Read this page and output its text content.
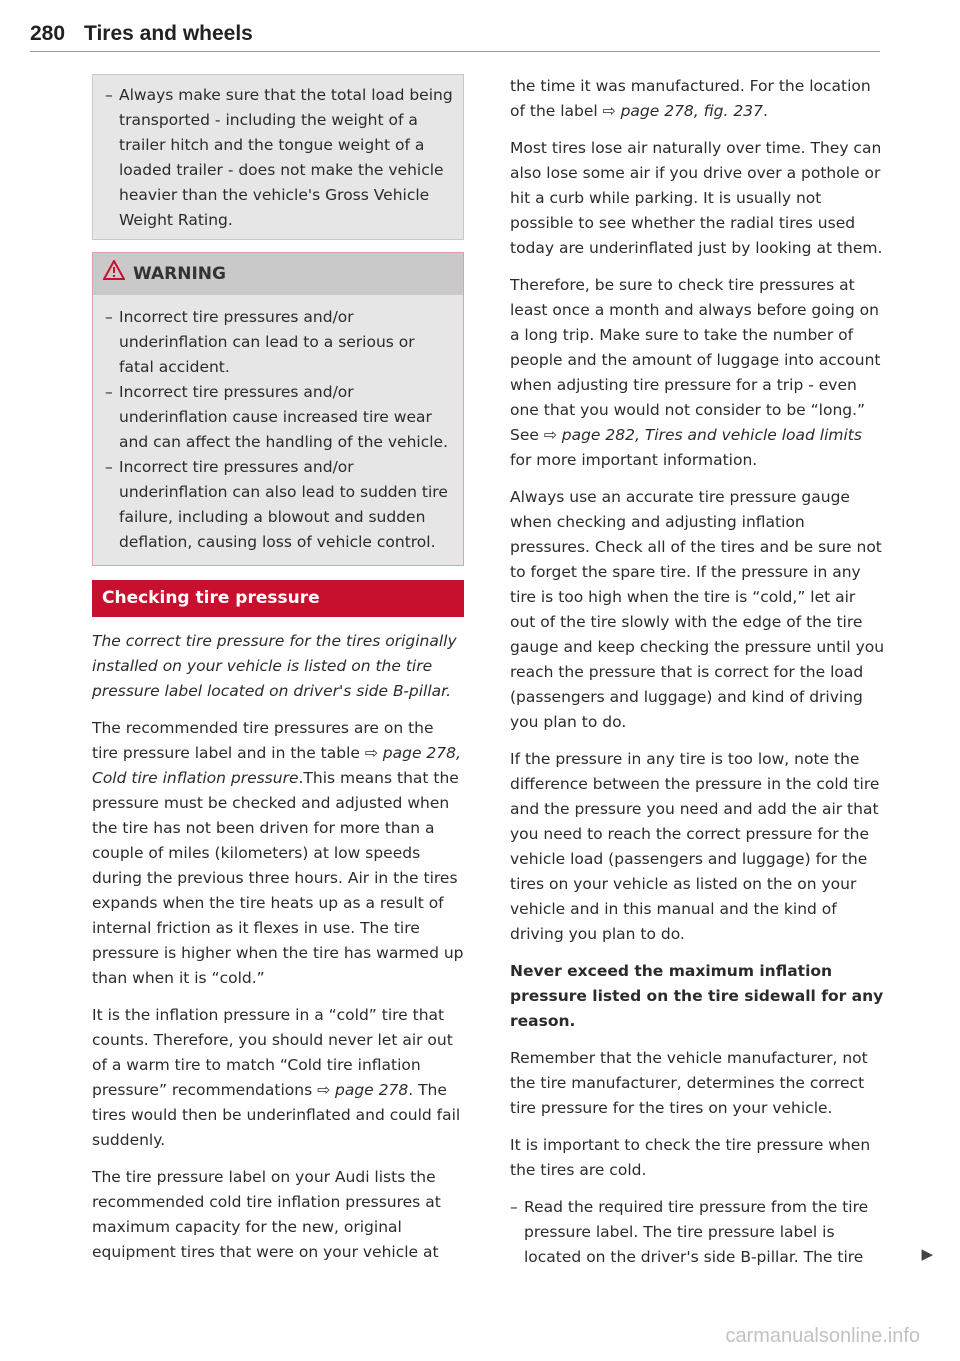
280 Tires and wheels
– Always make sure that the total load being transported - including the weight of a trailer hitch and the tongue weight of a loaded trailer - does not make the vehicle heavier than the vehicle's Gross Vehicle Weight Rating.
WARNING
– Incorrect tire pressures and/or underinflation can lead to a serious or fatal accident.
– Incorrect tire pressures and/or underinflation cause increased tire wear and can affect the handling of the vehicle.
– Incorrect tire pressures and/or underinflation can also lead to sudden tire failure, including a blowout and sudden deflation, causing loss of vehicle control.
Checking tire pressure

The correct tire pressure for the tires originally installed on your vehicle is listed on the tire pressure label located on driver's side B-pillar.

The recommended tire pressures are on the tire pressure label and in the table ⇨ page 278, Cold tire inflation pressure.This means that the pressure must be checked and adjusted when the tire has not been driven for more than a couple of miles (kilometers) at low speeds during the previous three hours. Air in the tires expands when the tire heats up as a result of internal friction as it flexes in use. The tire pressure is higher when the tire has warmed up than when it is “cold.”

It is the inflation pressure in a “cold” tire that counts. Therefore, you should never let air out of a warm tire to match “Cold tire inflation pressure” recommendations ⇨ page 278. The tires would then be underinflated and could fail suddenly.

The tire pressure label on your Audi lists the recommended cold tire inflation pressures at maximum capacity for the new, original equipment tires that were on your vehicle at

the time it was manufactured. For the location of the label ⇨ page 278, fig. 237.

Most tires lose air naturally over time. They can also lose some air if you drive over a pothole or hit a curb while parking. It is usually not possible to see whether the radial tires used today are underinflated just by looking at them.

Therefore, be sure to check tire pressures at least once a month and always before going on a long trip. Make sure to take the number of people and the amount of luggage into account when adjusting tire pressure for a trip - even one that you would not consider to be “long.” See ⇨ page 282, Tires and vehicle load limits for more important information.

Always use an accurate tire pressure gauge when checking and adjusting inflation pressures. Check all of the tires and be sure not to forget the spare tire. If the pressure in any tire is too high when the tire is “cold,” let air out of the tire slowly with the edge of the tire gauge and keep checking the pressure until you reach the pressure that is correct for the load (passengers and luggage) and kind of driving you plan to do.

If the pressure in any tire is too low, note the difference between the pressure in the cold tire and the pressure you need and add the air that you need to reach the correct pressure for the vehicle load (passengers and luggage) for the tires on your vehicle as listed on the on your vehicle and in this manual and the kind of driving you plan to do.

Never exceed the maximum inflation pressure listed on the tire sidewall for any reason.

Remember that the vehicle manufacturer, not the tire manufacturer, determines the correct tire pressure for the tires on your vehicle.

It is important to check the tire pressure when the tires are cold.

– Read the required tire pressure from the tire pressure label. The tire pressure label is located on the driver's side B-pillar. The tire	▶
carmanualsonline.info
